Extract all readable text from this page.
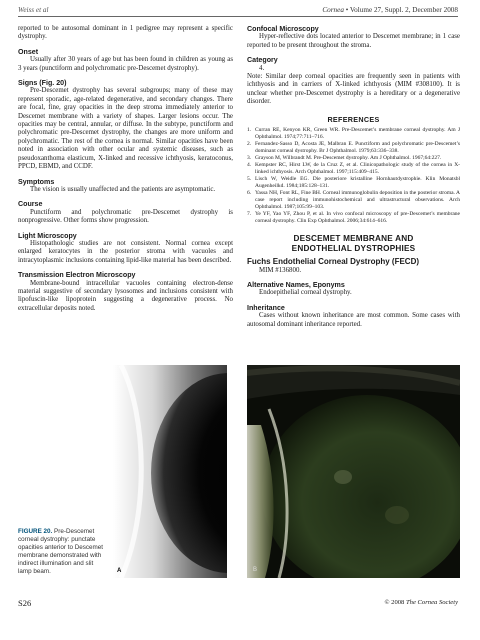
Weiss et al	Cornea • Volume 27, Suppl. 2, December 2008

reported to be autosomal dominant in 1 pedigree may represent a specific dystrophy.

Onset

Usually after 30 years of age but has been found in children as young as 3 years (punctiform and polychromatic pre-Descemet dystrophy).

Signs (Fig. 20)

Pre-Descemet dystrophy has several subgroups; many of these may represent sporadic, age-related degenerative, and secondary changes. There are focal, fine, gray opacities in the deep stroma immediately anterior to Descemet membrane with a variety of shapes. Larger lesions occur. The opacities may be central, annular, or diffuse. In the subtype, punctiform and polychromatic pre-Descemet dystrophy, the changes are more uniform and polychromatic. The rest of the cornea is normal. Similar opacities have been noted in association with other ocular and systemic diseases, such as pseudoxanthoma elasticum, X-linked and recessive ichthyosis, keratoconus, PPCD, EBMD, and CCDF.

Symptoms

The vision is usually unaffected and the patients are asymptomatic.

Course

Punctiform and polychromatic pre-Descemet dystrophy is nonprogressive. Other forms show progression.

Light Microscopy

Histopathologic studies are not consistent. Normal cornea except enlarged keratocytes in the posterior stroma with vacuoles and intracytoplasmic inclusions containing lipid-like material has been described.

Transmission Electron Microscopy

Membrane-bound intracellular vacuoles containing electron-dense material suggestive of secondary lysosomes and inclusions consistent with lipofuscin-like lipoprotein suggesting a degenerative process. No extracellular deposits noted.

Confocal Microscopy

Hyper-reflective dots located anterior to Descemet membrane; in 1 case reported to be present throughout the stroma.

Category

4.

Note: Similar deep corneal opacities are frequently seen in patients with ichthyosis and in carriers of X-linked ichthyosis (MIM #308100). It is unclear whether pre-Descemet dystrophy is a hereditary or a degenerative disorder.

REFERENCES
1. Curran RE, Kenyon KR, Green WR. Pre-Descemet’s membrane corneal dystrophy. Am J Ophthalmol. 1974;77:711–716.
2. Fernandez-Sasso D, Acosta JE, Malbran E. Punctiform and polychromatic pre-Descemet’s dominant corneal dystrophy. Br J Ophthalmol. 1979;63:336–338.
3. Grayson M, Wilbrandt M. Pre-Descemet dystrophy. Am J Ophthalmol. 1967;64:227.
4. Kempster RC, Hirst LW, de la Cruz Z, et al. Clinicopathologic study of the cornea in X-linked ichthyosis. Arch Ophthalmol. 1997;115:409–415.
5. Lisch W, Weidle EG. Die posteriore kristalline Hornhautdystrophie. Klin Monatsbl Augenheilkd. 1984;185:128–131.
6. Yassa NH, Font RL, Fine BH. Corneal immunoglobulin deposition in the posterior stroma. A case report including immunohistochemical and ultrastructural observations. Arch Ophthalmol. 1987;105:99–103.
7. Ye YF, Yao YF, Zhou P, et al. In vivo confocal microscopy of pre-Descemet’s membrane corneal dystrophy. Clin Exp Ophthalmol. 2006;34:614–616.
DESCEMET MEMBRANE AND
ENDOTHELIAL DYSTROPHIES
Fuchs Endothelial Corneal Dystrophy (FECD)

MIM #136800.

Alternative Names, Eponyms

Endoepithelial corneal dystrophy.

Inheritance

Cases without known inheritance are most common. Some cases with autosomal dominant inheritance reported.

A	B
FIGURE 20. Pre-Descemet corneal dystrophy: punctate opacities anterior to Descemet membrane demonstrated with indirect illumination and slit lamp beam.
S26	© 2008 The Cornea Society
